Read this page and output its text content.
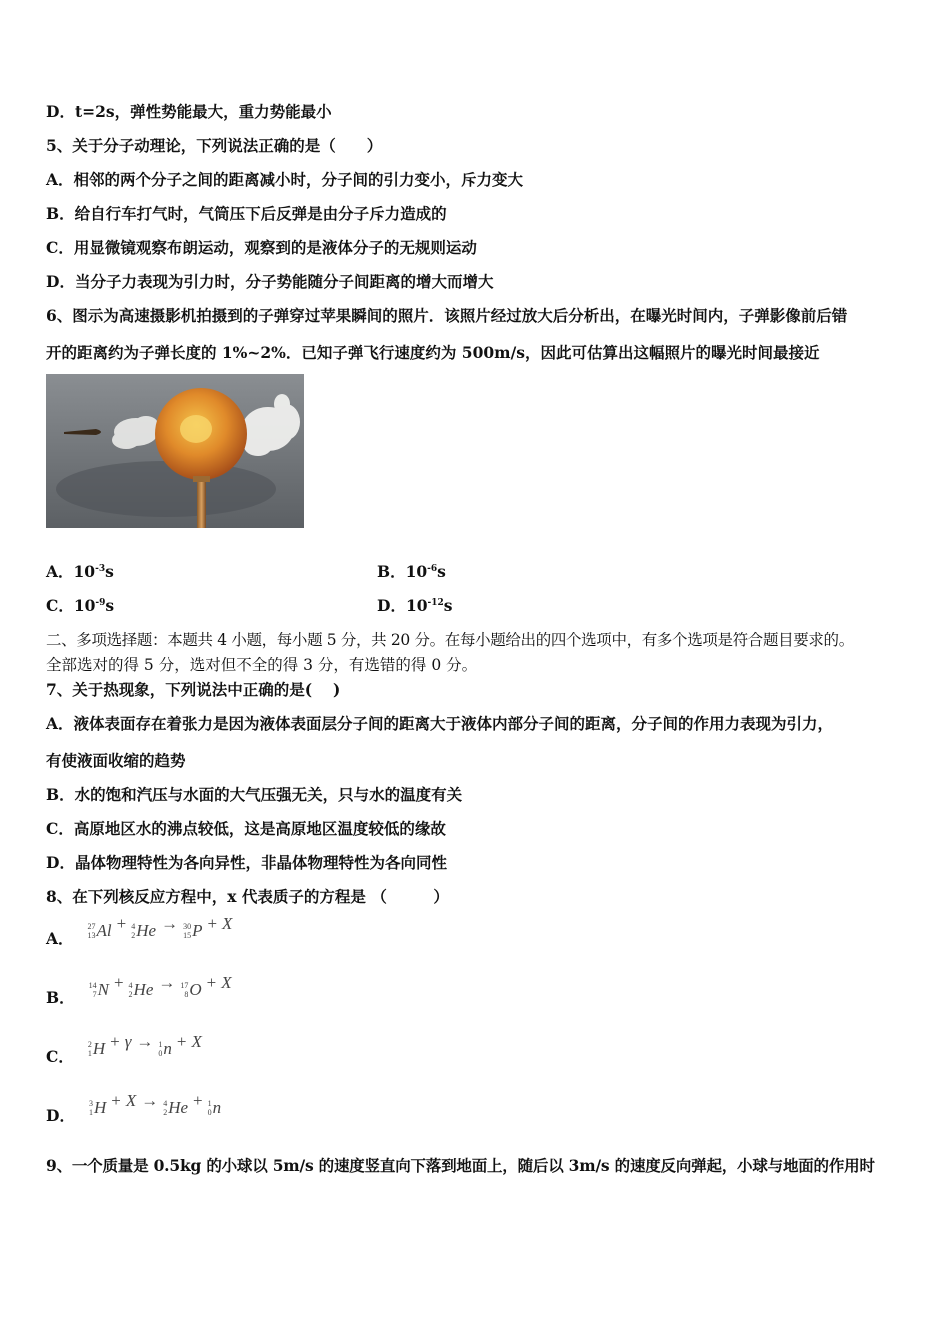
D．t=2s，弹性势能最大，重力势能最小
5、关于分子动理论，下列说法正确的是（　　）
A．相邻的两个分子之间的距离减小时，分子间的引力变小，斥力变大
B．给自行车打气时，气筒压下后反弹是由分子斥力造成的
C．用显微镜观察布朗运动，观察到的是液体分子的无规则运动
D．当分子力表现为引力时，分子势能随分子间距离的增大而增大
6、图示为高速摄影机拍摄到的子弹穿过苹果瞬间的照片．该照片经过放大后分析出，在曝光时间内，子弹影像前后错
开的距离约为子弹长度的 1%~2%．已知子弹飞行速度约为 500m/s，因此可估算出这幅照片的曝光时间最接近
A．$10^{-3}s$	B．$10^{-6}s$
C．$10^{-9}s$	D．$10^{-12}s$
二、多项选择题：本题共 4 小题，每小题 5 分，共 20 分。在每小题给出的四个选项中，有多个选项是符合题目要求的。
全部选对的得 5 分，选对但不全的得 3 分，有选错的得 0 分。
7、关于热现象，下列说法中正确的是(　 )
A．液体表面存在着张力是因为液体表面层分子间的距离大于液体内部分子间的距离，分子间的作用力表现为引力，
有使液面收缩的趋势
B．水的饱和汽压与水面的大气压强无关，只与水的温度有关
C．高原地区水的沸点较低，这是高原地区温度较低的缘故
D．晶体物理特性为各向异性，非晶体物理特性为各向同性
8、在下列核反应方程中，x 代表质子的方程是 （　　　）
A．
27
13 Al + 4
2 He → 30
15 P + X
B．
14
7 N + 4
2 He → 17
8 O + X
C．
2
1 H + γ → 1
0 n + X
D．
3
1 H + X → 4
2 He + 1
0 n
9、一个质量是 0.5kg 的小球以 5m/s 的速度竖直向下落到地面上，随后以 3m/s 的速度反向弹起，小球与地面的作用时
